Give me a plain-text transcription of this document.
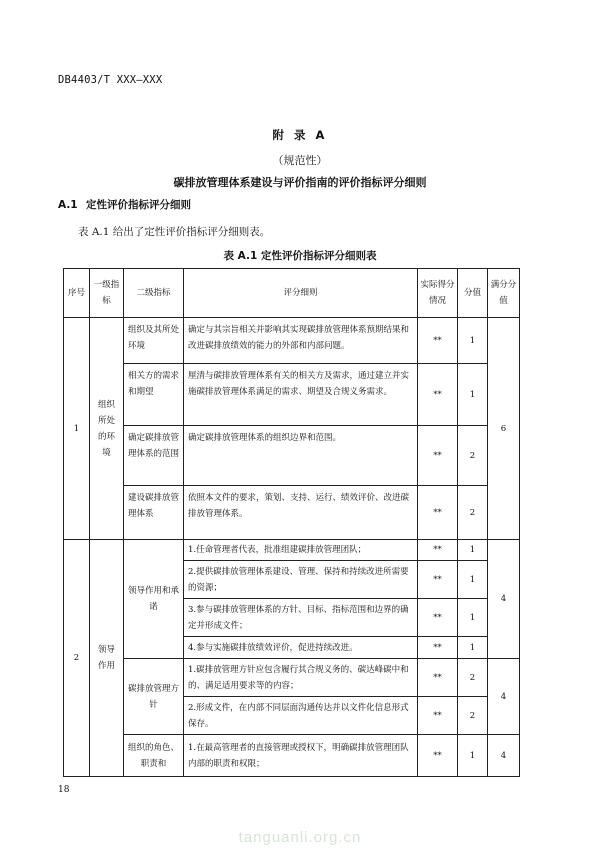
DB4403/T XXX—XXX
附 录 A
（规范性）
碳排放管理体系建设与评价指南的评价指标评分细则
A.1 定性评价指标评分细则
表 A.1 给出了定性评价指标评分细则表。
表 A.1 定性评价指标评分细则表
序号	一级指标	二级指标	评分细则	实际得分情况	分值	满分分值
1	组织所处的环境	组织及其所处环境	确定与其宗旨相关并影响其实现碳排放管理体系预期结果和改进碳排放绩效的能力的外部和内部问题。	**	1	6
		相关方的需求和期望	厘清与碳排放管理体系有关的相关方及需求，通过建立并实施碳排放管理体系满足的需求、期望及合规义务需求。	**	1	
		确定碳排放管理体系的范围	确定碳排放管理体系的组织边界和范围。	**	2	
		建设碳排放管理体系	依照本文件的要求，策划、支持、运行、绩效评价、改进碳排放管理体系。	**	2	
2	领导作用	领导作用和承诺	1.任命管理者代表，批准组建碳排放管理团队；	**	1	4
			2.提供碳排放管理体系建设、管理、保持和持续改进所需要的资源；	**	1	
			3.参与碳排放管理体系的方针、目标、指标范围和边界的确定并形成文件；	**	1	
			4.参与实施碳排放绩效评价，促进持续改进。	**	1	
		碳排放管理方针	1.碳排放管理方针应包含履行其合规义务的、碳达峰碳中和的、满足适用要求等的内容；	**	2	4
			2.形成文件，在内部不同层面沟通传达并以文件化信息形式保存。	**	2	
		组织的角色、职责和	1.在最高管理者的直接管理或授权下，明确碳排放管理团队内部的职责和权限；	**	1	4
18
tanguanli.org.cn
